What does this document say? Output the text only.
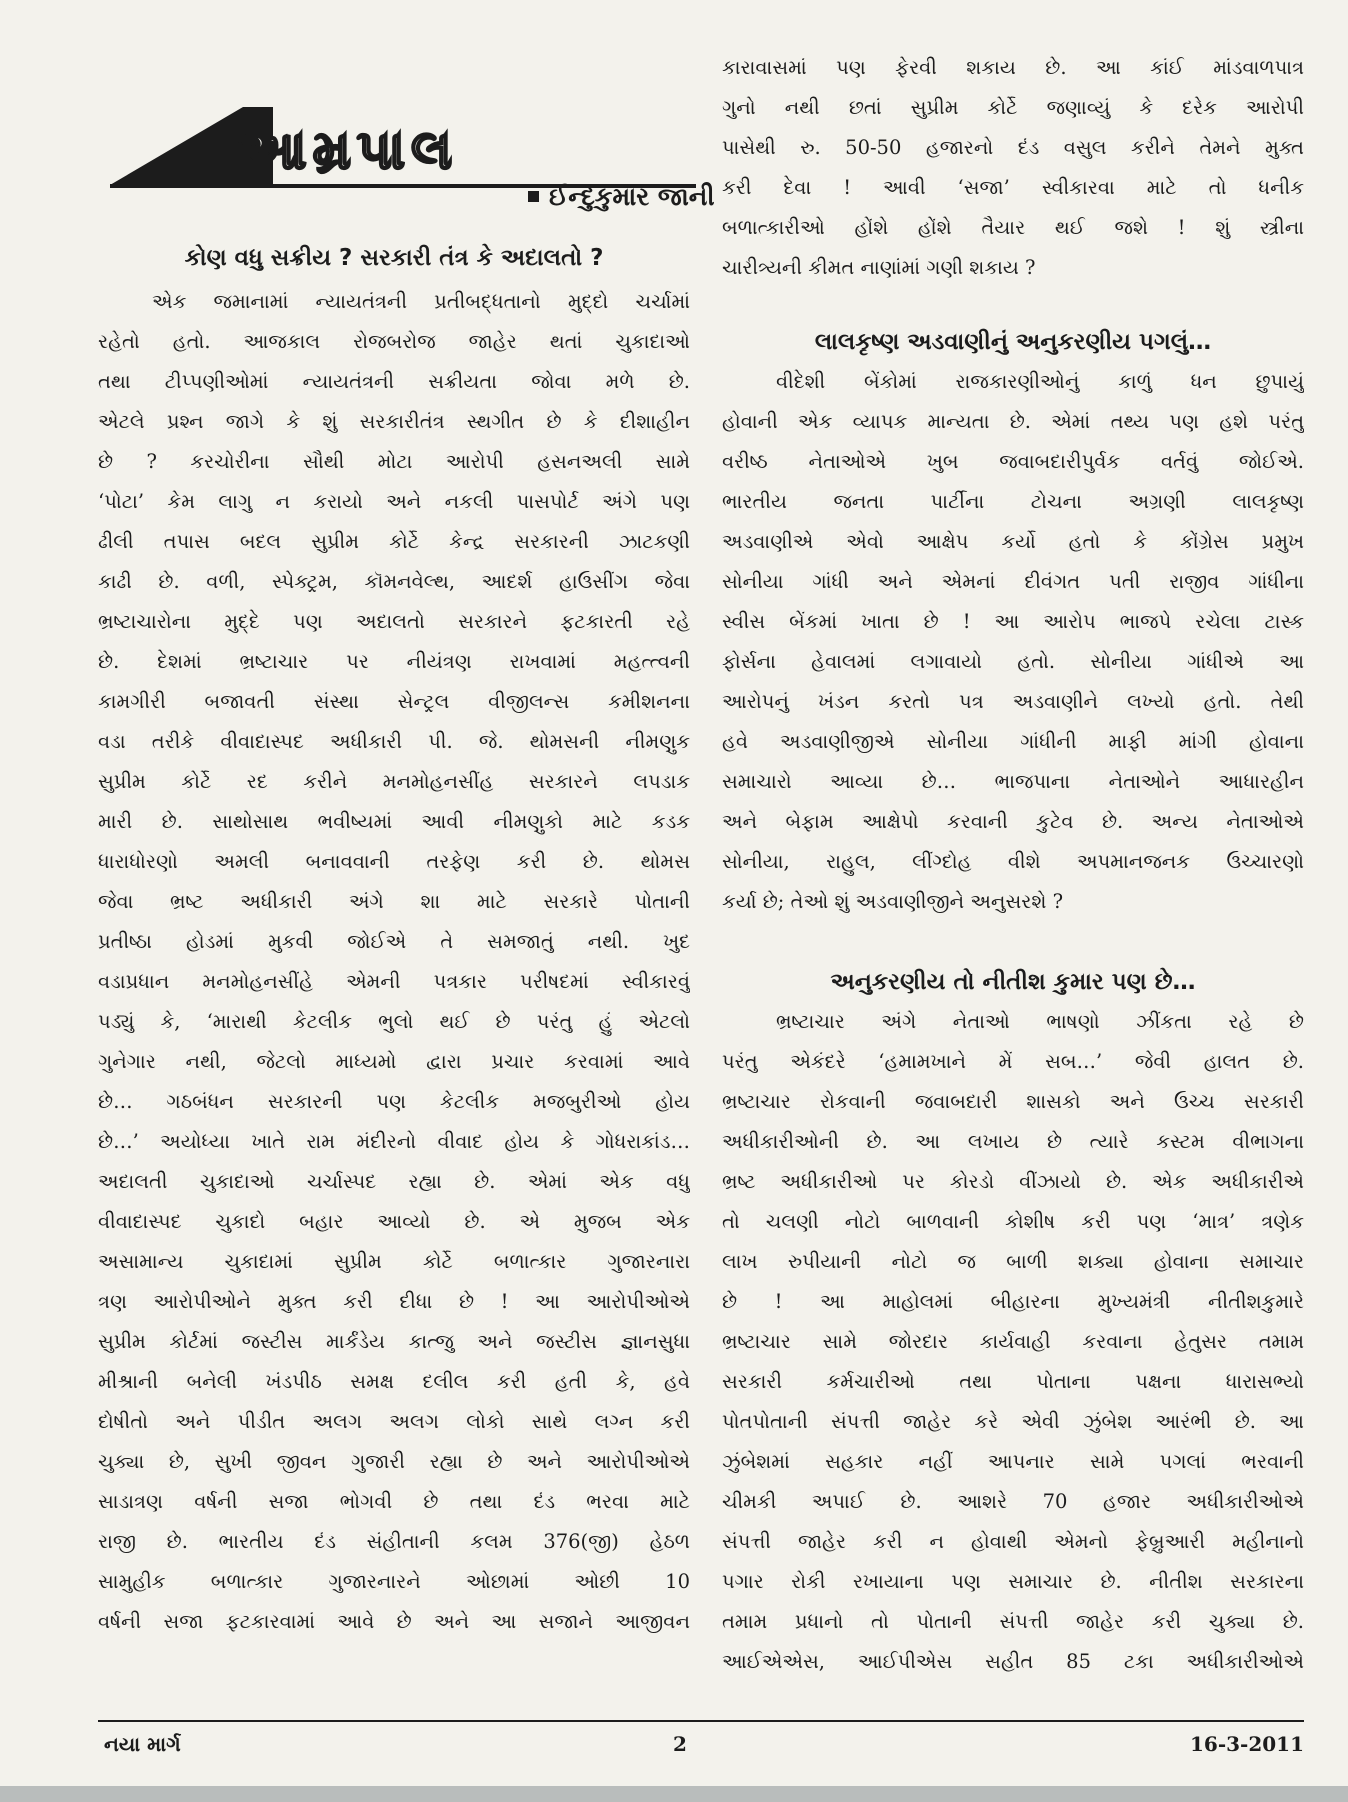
આમ્રપાલ
ઈન્દુકુમાર જાની
કોણ વધુ સક્રીય ? સરકારી તંત્ર કે અદાલતો ?
એક જમાનામાં ન્યાયતંત્રની પ્રતીબદ્ધતાનો મુદ્દો ચર્ચામાં
રહેતો હતો. આજકાલ રોજબરોજ જાહેર થતાં ચુકાદાઓ
તથા ટીપ્પણીઓમાં ન્યાયતંત્રની સક્રીયતા જોવા મળે છે.
એટલે પ્રશ્ન જાગે કે શું સરકારીતંત્ર સ્થગીત છે કે દીશાહીન
છે ? કરચોરીના સૌથી મોટા આરોપી હસનઅલી સામે
‘પોટા’ કેમ લાગુ ન કરાયો અને નકલી પાસપોર્ટ અંગે પણ
ઢીલી તપાસ બદલ સુપ્રીમ કોર્ટે કેન્દ્ર સરકારની ઝાટકણી
કાઢી છે. વળી, સ્પેક્ટ્રમ, કૉમનવેલ્થ, આદર્શ હાઉસીંગ જેવા
ભ્રષ્ટાચારોના મુદ્દે પણ અદાલતો સરકારને ફટકારતી રહે
છે. દેશમાં ભ્રષ્ટાચાર પર નીયંત્રણ રાખવામાં મહત્ત્વની
કામગીરી બજાવતી સંસ્થા સેન્ટ્રલ વીજીલન્સ કમીશનના
વડા તરીકે વીવાદાસ્પદ અધીકારી પી. જે. થોમસની નીમણુક
સુપ્રીમ કોર્ટે રદ કરીને મનમોહનસીંહ સરકારને લપડાક
મારી છે. સાથોસાથ ભવીષ્યમાં આવી નીમણુકો માટે કડક
ધારાધોરણો અમલી બનાવવાની તરફેણ કરી છે. થોમસ
જેવા ભ્રષ્ટ અધીકારી અંગે શા માટે સરકારે પોતાની
પ્રતીષ્ઠા હોડમાં મુકવી જોઈએ તે સમજાતું નથી. ખુદ
વડાપ્રધાન મનમોહનસીંહે એમની પત્રકાર પરીષદમાં સ્વીકારવું
પડ્યું કે, ‘મારાથી કેટલીક ભુલો થઈ છે પરંતુ હું એટલો
ગુનેગાર નથી, જેટલો માધ્યમો દ્વારા પ્રચાર કરવામાં આવે
છે… ગઠબંધન સરકારની પણ કેટલીક મજબુરીઓ હોય
છે…’ અયોધ્યા ખાતે રામ મંદીરનો વીવાદ હોય કે ગોધરાકાંડ…
અદાલતી ચુકાદાઓ ચર્ચાસ્પદ રહ્યા છે. એમાં એક વધુ
વીવાદાસ્પદ ચુકાદો બહાર આવ્યો છે. એ મુજબ એક
અસામાન્ય ચુકાદામાં સુપ્રીમ કોર્ટે બળાત્કાર ગુજારનારા
ત્રણ આરોપીઓને મુક્ત કરી દીધા છે ! આ આરોપીઓએ
સુપ્રીમ કોર્ટમાં જસ્ટીસ માર્કંડેય કાત્જુ અને જસ્ટીસ જ્ઞાનસુધા
મીશ્રાની બનેલી ખંડપીઠ સમક્ષ દલીલ કરી હતી કે, હવે
દોષીતો અને પીડીત અલગ અલગ લોકો સાથે લગ્ન કરી
ચુક્યા છે, સુખી જીવન ગુજારી રહ્યા છે અને આરોપીઓએ
સાડાત્રણ વર્ષની સજા ભોગવી છે તથા દંડ ભરવા માટે
રાજી છે. ભારતીય દંડ સંહીતાની કલમ 376(જી) હેઠળ
સામુહીક બળાત્કાર ગુજારનારને ઓછામાં ઓછી 10
વર્ષની સજા ફટકારવામાં આવે છે અને આ સજાને આજીવન
કારાવાસમાં પણ ફેરવી શકાય છે. આ કાંઈ માંડવાળપાત્ર
ગુનો નથી છતાં સુપ્રીમ કોર્ટે જણાવ્યું કે દરેક આરોપી
પાસેથી રુ. 50-50 હજારનો દંડ વસુલ કરીને તેમને મુક્ત
કરી દેવા ! આવી ‘સજા’ સ્વીકારવા માટે તો ધનીક
બળાત્કારીઓ હોંશે હોંશે તૈયાર થઈ જશે ! શું સ્ત્રીના
ચારીત્ર્યની કીમત નાણાંમાં ગણી શકાય ?
લાલકૃષ્ણ અડવાણીનું અનુકરણીય પગલું…
વીદેશી બેંકોમાં રાજકારણીઓનું કાળું ધન છુપાયું
હોવાની એક વ્યાપક માન્યતા છે. એમાં તથ્ય પણ હશે પરંતુ
વરીષ્ઠ નેતાઓએ ખુબ જવાબદારીપુર્વક વર્તવું જોઈએ.
ભારતીય જનતા પાર્ટીના ટોચના અગ્રણી લાલકૃષ્ણ
અડવાણીએ એવો આક્ષેપ કર્યો હતો કે કોંગ્રેસ પ્રમુખ
સોનીયા ગાંધી અને એમનાં દીવંગત પતી રાજીવ ગાંધીના
સ્વીસ બેંકમાં ખાતા છે ! આ આરોપ ભાજપે રચેલા ટાસ્ક
ફોર્સના હેવાલમાં લગાવાયો હતો. સોનીયા ગાંધીએ આ
આરોપનું ખંડન કરતો પત્ર અડવાણીને લખ્યો હતો. તેથી
હવે અડવાણીજીએ સોનીયા ગાંધીની માફી માંગી હોવાના
સમાચારો આવ્યા છે… ભાજપાના નેતાઓને આધારહીન
અને બેફામ આક્ષેપો કરવાની કુટેવ છે. અન્ય નેતાઓએ
સોનીયા, રાહુલ, લીંગ્દોહ વીશે અપમાનજનક ઉચ્ચારણો
કર્યા છે; તેઓ શું અડવાણીજીને અનુસરશે ?
અનુકરણીય તો નીતીશ કુમાર પણ છે…
ભ્રષ્ટાચાર અંગે નેતાઓ ભાષણો ઝીંકતા રહે છે
પરંતુ એકંદરે ‘હમામખાને મેં સબ…’ જેવી હાલત છે.
ભ્રષ્ટાચાર રોકવાની જવાબદારી શાસકો અને ઉચ્ચ સરકારી
અધીકારીઓની છે. આ લખાય છે ત્યારે કસ્ટમ વીભાગના
ભ્રષ્ટ અધીકારીઓ પર કોરડો વીંઝાયો છે. એક અધીકારીએ
તો ચલણી નોટો બાળવાની કોશીષ કરી પણ ‘માત્ર’ ત્રણેક
લાખ રુપીયાની નોટો જ બાળી શક્યા હોવાના સમાચાર
છે ! આ માહોલમાં બીહારના મુખ્યમંત્રી નીતીશકુમારે
ભ્રષ્ટાચાર સામે જોરદાર કાર્યવાહી કરવાના હેતુસર તમામ
સરકારી કર્મચારીઓ તથા પોતાના પક્ષના ધારાસભ્યો
પોતપોતાની સંપત્તી જાહેર કરે એવી ઝુંબેશ આરંભી છે. આ
ઝુંબેશમાં સહકાર નહીં આપનાર સામે પગલાં ભરવાની
ચીમકી અપાઈ છે. આશરે 70 હજાર અધીકારીઓએ
સંપત્તી જાહેર કરી ન હોવાથી એમનો ફેબ્રુઆરી મહીનાનો
પગાર રોકી રખાયાના પણ સમાચાર છે. નીતીશ સરકારના
તમામ પ્રધાનો તો પોતાની સંપત્તી જાહેર કરી ચુક્યા છે.
આઈએએસ, આઈપીએસ સહીત 85 ટકા અધીકારીઓએ
નયા માર્ગ	2	16-3-2011
